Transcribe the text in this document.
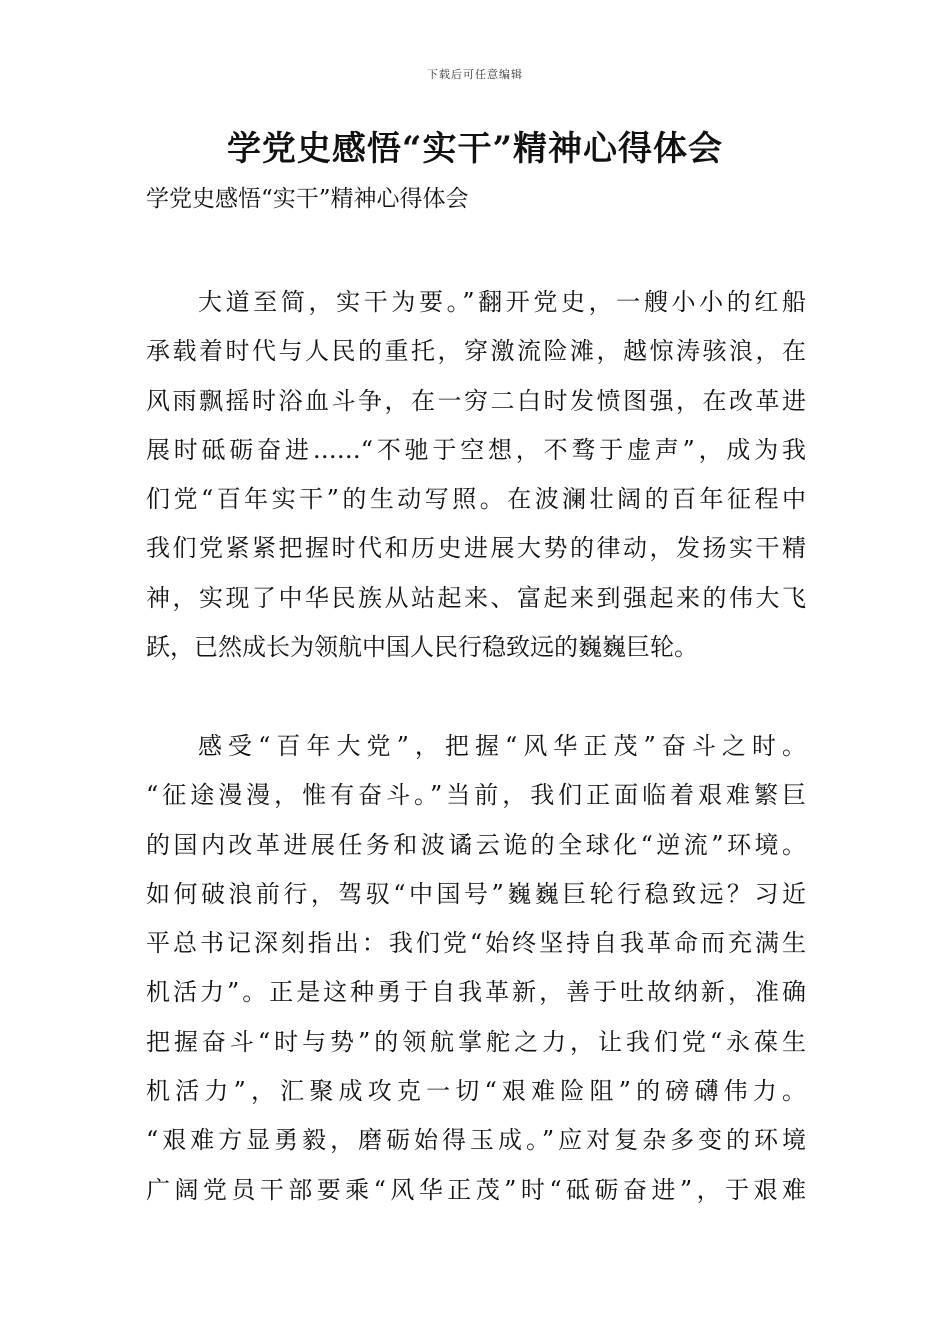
下载后可任意编辑
学党史感悟“实干”精神心得体会
学党史感悟“实干”精神心得体会
大道至简，实干为要。”翻开党史，一艘小小的红船
承载着时代与人民的重托，穿激流险滩，越惊涛骇浪，在
风雨飘摇时浴血斗争，在一穷二白时发愤图强，在改革进
展时砥砺奋进……“不驰于空想，不骛于虚声”，成为我
们党“百年实干”的生动写照。在波澜壮阔的百年征程中
我们党紧紧把握时代和历史进展大势的律动，发扬实干精
神，实现了中华民族从站起来、富起来到强起来的伟大飞
跃，已然成长为领航中国人民行稳致远的巍巍巨轮。
感受“百年大党”，把握“风华正茂”奋斗之时。
“征途漫漫，惟有奋斗。”当前，我们正面临着艰难繁巨
的国内改革进展任务和波谲云诡的全球化“逆流”环境。
如何破浪前行，驾驭“中国号”巍巍巨轮行稳致远？习近
平总书记深刻指出：我们党“始终坚持自我革命而充满生
机活力”。正是这种勇于自我革新，善于吐故纳新，准确
把握奋斗“时与势”的领航掌舵之力，让我们党“永葆生
机活力”，汇聚成攻克一切“艰难险阻”的磅礴伟力。
“艰难方显勇毅，磨砺始得玉成。”应对复杂多变的环境
广阔党员干部要乘“风华正茂”时“砥砺奋进”，于艰难
